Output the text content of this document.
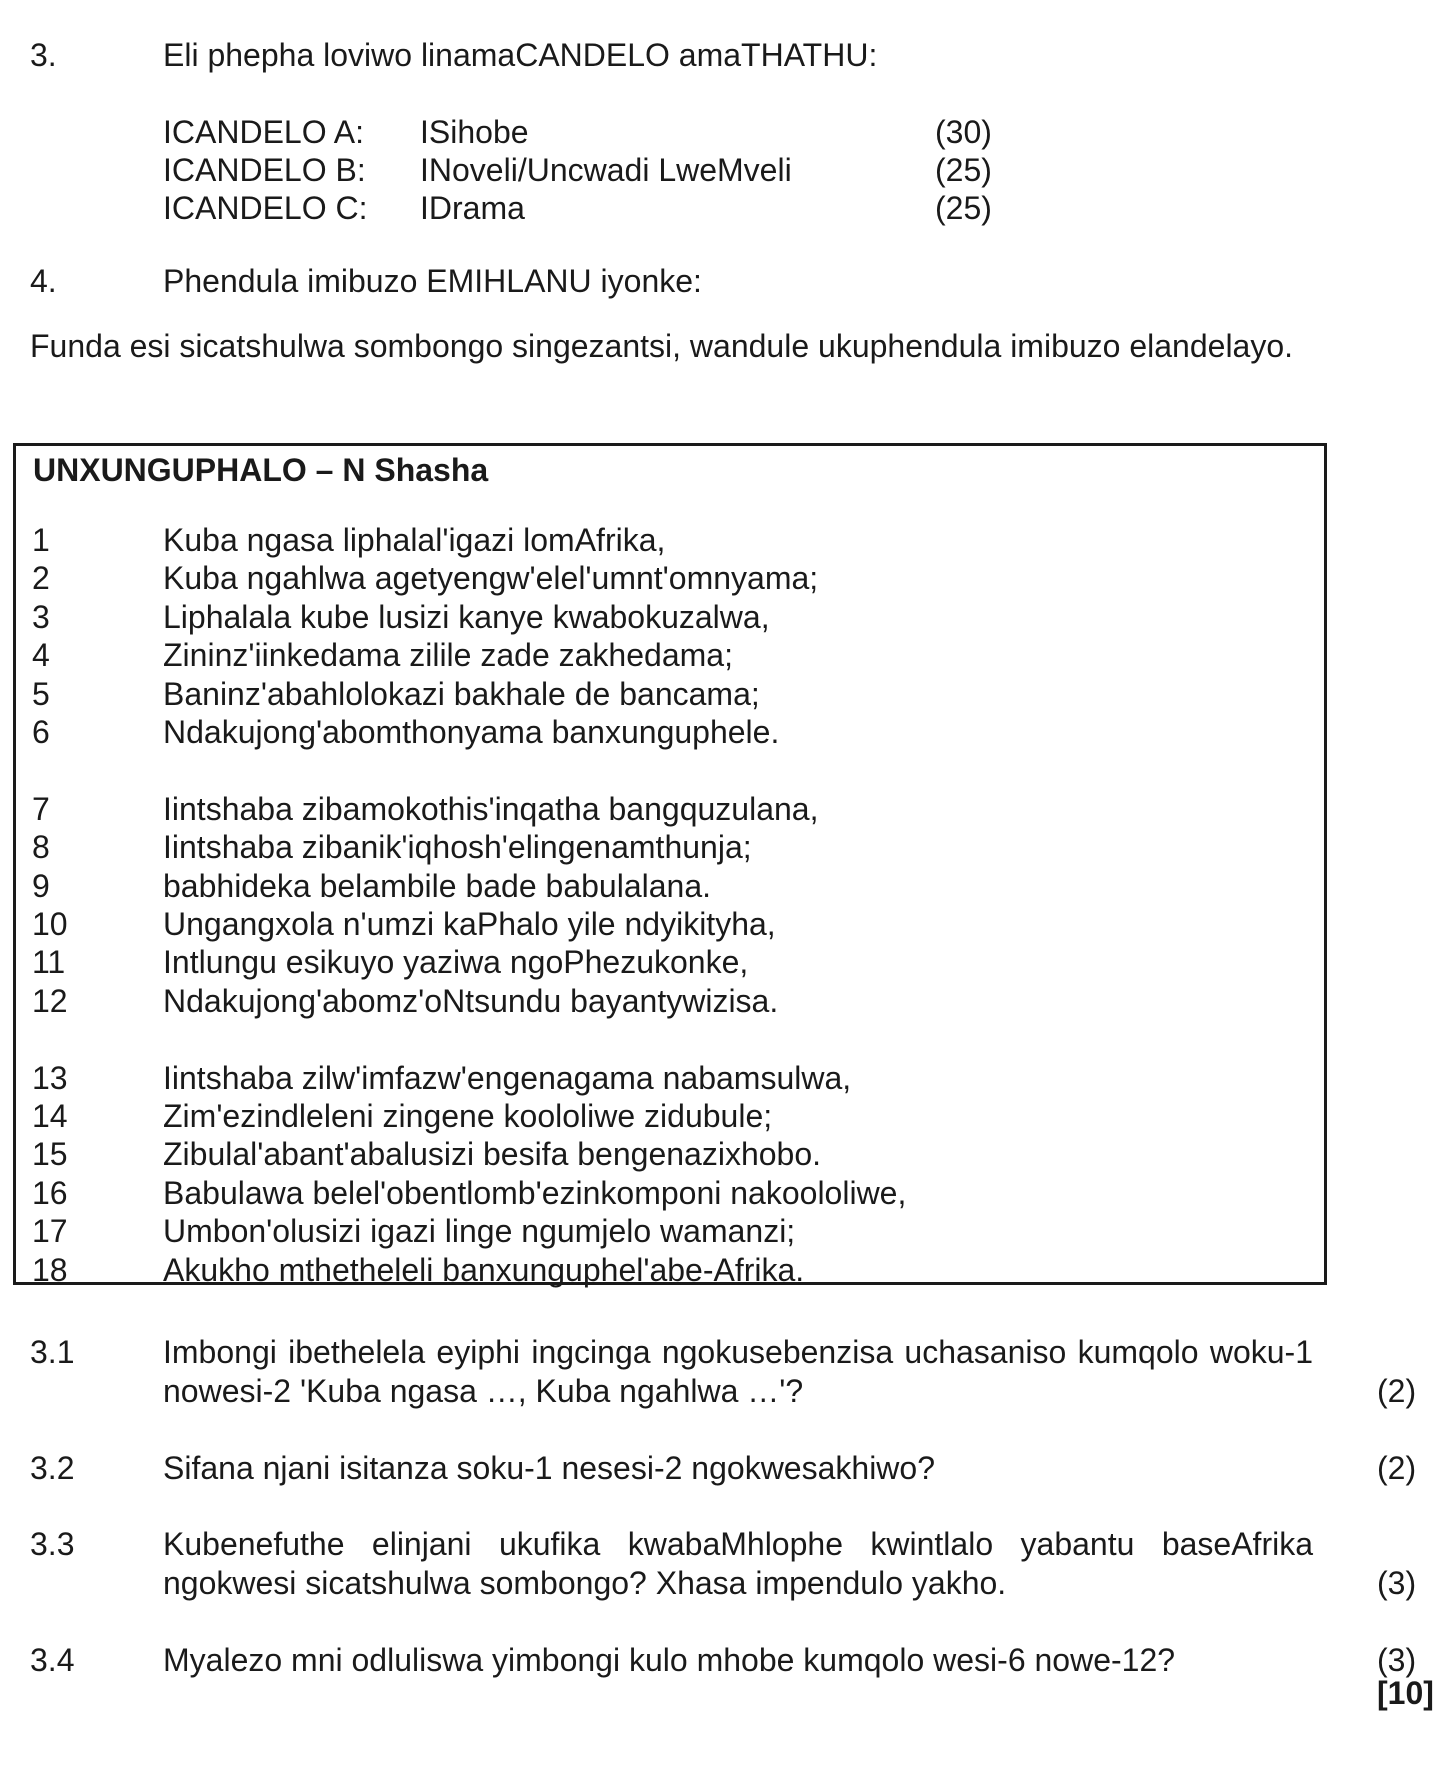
3.	Eli phepha loviwo linamaCANDELO amaTHATHU:
ICANDELO A: ISihobe	(30)
ICANDELO B: INoveli/Uncwadi LweMveli	(25)
ICANDELO C: IDrama	(25)
4.	Phendula imibuzo EMIHLANU iyonke:
Funda esi sicatshulwa sombongo singezantsi, wandule ukuphendula imibuzo elandelayo.
UNXUNGUPHALO – N Shasha
1	Kuba ngasa liphalal'igazi lomAfrika,
2	Kuba ngahlwa agetyengw'elel'umnt'omnyama;
3	Liphalala kube lusizi kanye kwabokuzalwa,
4	Zininz'iinkedama zilile zade zakhedama;
5	Baninz'abahlolokazi bakhale de bancama;
6	Ndakujong'abomthonyama banxunguphele.
7	Iintshaba zibamokothis'inqatha bangquzulana,
8	Iintshaba zibanik'iqhosh'elingenamthunja;
9	babhideka belambile bade babulalana.
10	Ungangxola n'umzi kaPhalo yile ndyikityha,
11	Intlungu esikuyo yaziwa ngoPhezukonke,
12	Ndakujong'abomz'oNtsundu bayantywizisa.
13	Iintshaba zilw'imfazw'engenagama nabamsulwa,
14	Zim'ezindleleni zingene koololiwe zidubule;
15	Zibulal'abant'abalusizi besifa bengenazixhobo.
16	Babulawa belel'obentlomb'ezinkomponi nakoololiwe,
17	Umbon'olusizi igazi linge ngumjelo wamanzi;
18	Akukho mthetheleli banxunguphel'abe-Afrika.
3.1	Imbongi ibethelela eyiphi ingcinga ngokusebenzisa uchasaniso kumqolo woku-1 nowesi-2 'Kuba ngasa …, Kuba ngahlwa …'?	(2)
3.2	Sifana njani isitanza soku-1 nesesi-2 ngokwesakhiwo?	(2)
3.3	Kubenefuthe elinjani ukufika kwabaMhlophe kwintlalo yabantu baseAfrika ngokwesi sicatshulwa sombongo? Xhasa impendulo yakho.	(3)
3.4	Myalezo mni odluliswa yimbongi kulo mhobe kumqolo wesi-6 nowe-12?	(3)
[10]
